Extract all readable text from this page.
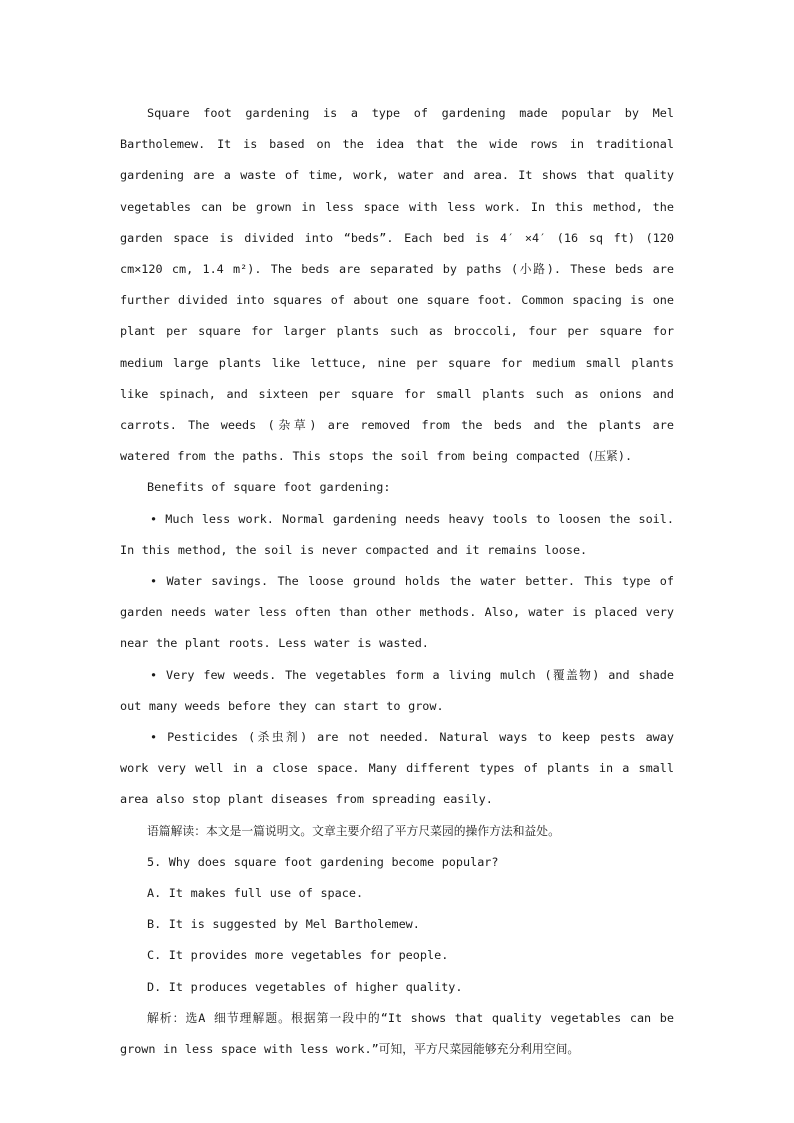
Square foot gardening is a type of gardening made popular by Mel Bartholemew. It is based on the idea that the wide rows in traditional gardening are a waste of time, work, water and area. It shows that quality vegetables can be grown in less space with less work. In this method, the garden space is divided into “beds”. Each bed is 4′ ×4′ (16 sq ft) (120 cm×120 cm, 1.4 m²). The beds are separated by paths (小路). These beds are further divided into squares of about one square foot. Common spacing is one plant per square for larger plants such as broccoli, four per square for medium large plants like lettuce, nine per square for medium small plants like spinach, and sixteen per square for small plants such as onions and carrots. The weeds (杂草) are removed from the beds and the plants are watered from the paths. This stops the soil from being compacted (压紧).

Benefits of square foot gardening:

• Much less work. Normal gardening needs heavy tools to loosen the soil. In this method, the soil is never compacted and it remains loose.

• Water savings. The loose ground holds the water better. This type of garden needs water less often than other methods. Also, water is placed very near the plant roots. Less water is wasted.

• Very few weeds. The vegetables form a living mulch (覆盖物) and shade out many weeds before they can start to grow.

• Pesticides (杀虫剂) are not needed. Natural ways to keep pests away work very well in a close space. Many different types of plants in a small area also stop plant diseases from spreading easily.

语篇解读：本文是一篇说明文。文章主要介绍了平方尺菜园的操作方法和益处。

5. Why does square foot gardening become popular?

A. It makes full use of space.

B. It is suggested by Mel Bartholemew.

C. It provides more vegetables for people.

D. It produces vegetables of higher quality.

解析：选A 细节理解题。根据第一段中的“It shows that quality vegetables can be grown in less space with less work.”可知，平方尺菜园能够充分利用空间。
